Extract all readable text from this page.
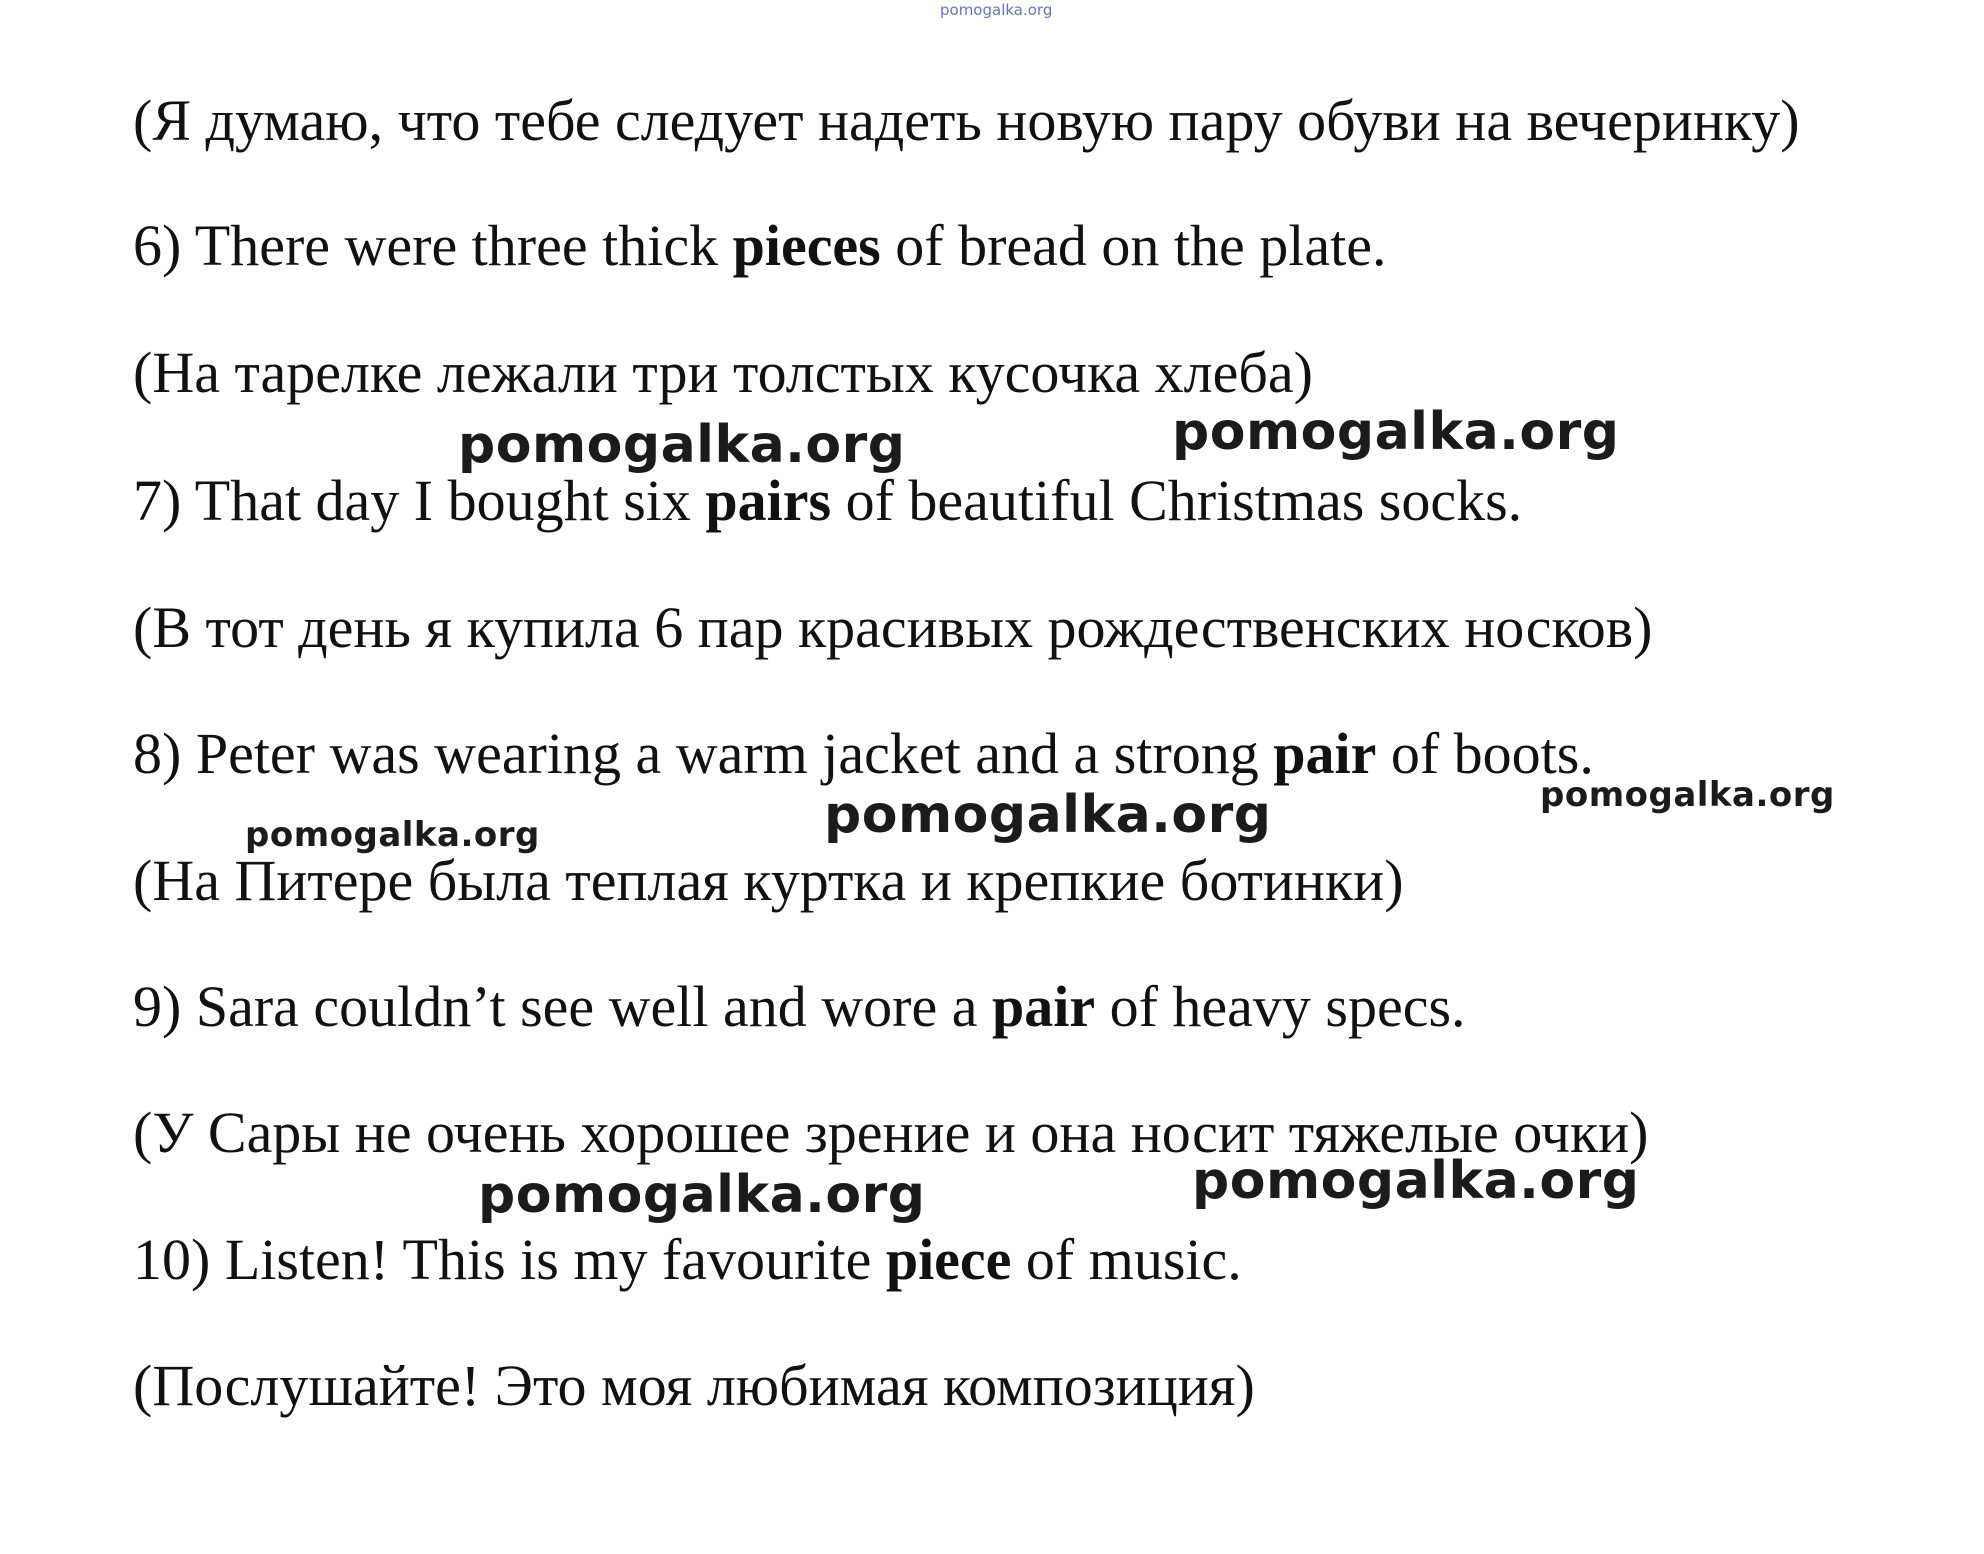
pomogalka.org

(Я думаю, что тебе следует надеть новую пару обуви на вечеринку)

6) There were three thick pieces of bread on the plate.

(На тарелке лежали три толстых кусочка хлеба)

pomogalka.org	pomogalka.org

7) That day I bought six pairs of beautiful Christmas socks.

(В тот день я купила 6 пар красивых рождественских носков)

8) Peter was wearing a warm jacket and a strong pair of boots.

pomogalka.org	pomogalka.org
pomogalka.org

(На Питере была теплая куртка и крепкие ботинки)

9) Sara couldn’t see well and wore a pair of heavy specs.

(У Сары не очень хорошее зрение и она носит тяжелые очки)

pomogalka.org	pomogalka.org

10) Listen! This is my favourite piece of music.

(Послушайте! Это моя любимая композиция)
